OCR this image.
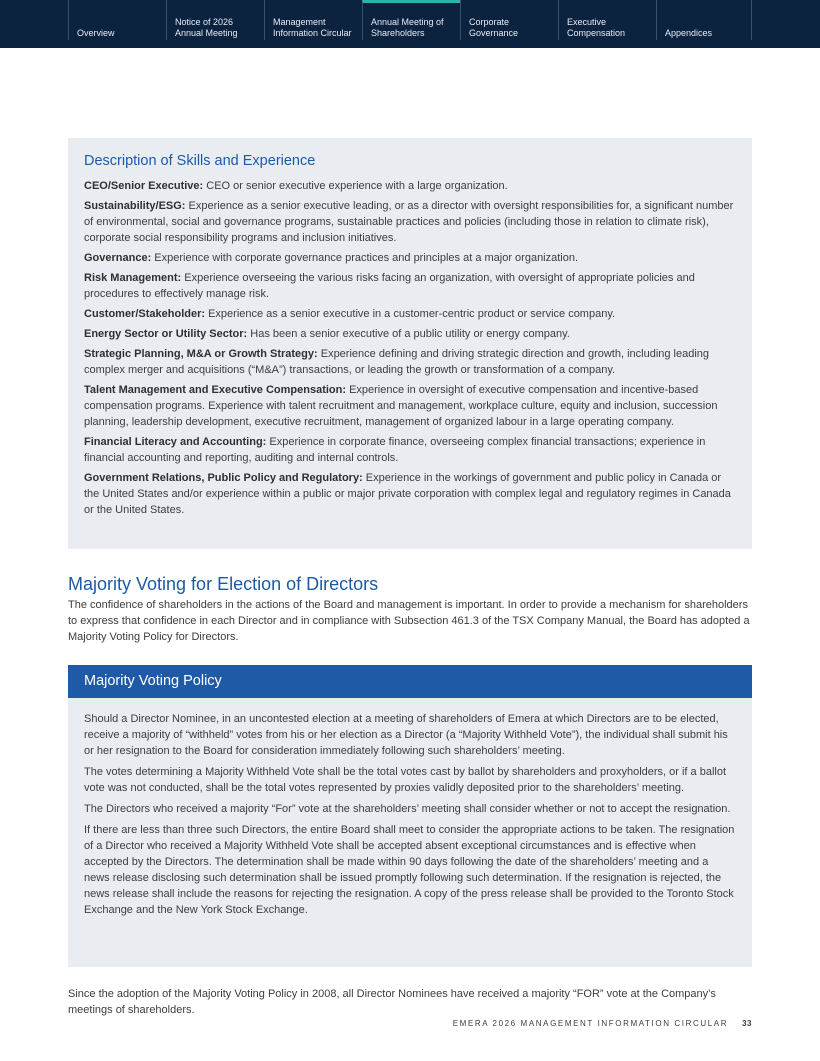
Overview
Notice of 2026
Annual Meeting
Management
Information Circular
Annual Meeting of
Shareholders
Corporate
Governance
Executive
Compensation	Appendices
Description of Skills and Experience
CEO/Senior Executive: CEO or senior executive experience with a large organization.
Sustainability/ESG: Experience as a senior executive leading, or as a director with oversight responsibilities for, a significant number of environmental, social and governance programs, sustainable practices and policies (including those in relation to climate risk), corporate social responsibility programs and inclusion initiatives.
Governance: Experience with corporate governance practices and principles at a major organization.
Risk Management: Experience overseeing the various risks facing an organization, with oversight of appropriate policies and procedures to effectively manage risk.
Customer/Stakeholder: Experience as a senior executive in a customer-centric product or service company.
Energy Sector or Utility Sector: Has been a senior executive of a public utility or energy company.
Strategic Planning, M&A or Growth Strategy: Experience defining and driving strategic direction and growth, including leading complex merger and acquisitions (“M&A”) transactions, or leading the growth or transformation of a company.
Talent Management and Executive Compensation: Experience in oversight of executive compensation and incentive-based compensation programs. Experience with talent recruitment and management, workplace culture, equity and inclusion, succession planning, leadership development, executive recruitment, management of organized labour in a large operating company.
Financial Literacy and Accounting: Experience in corporate finance, overseeing complex financial transactions; experience in financial accounting and reporting, auditing and internal controls.
Government Relations, Public Policy and Regulatory: Experience in the workings of government and public policy in Canada or the United States and/or experience within a public or major private corporation with complex legal and regulatory regimes in Canada or the United States.
Majority Voting for Election of Directors
The confidence of shareholders in the actions of the Board and management is important. In order to provide a mechanism for shareholders to express that confidence in each Director and in compliance with Subsection 461.3 of the TSX Company Manual, the Board has adopted a Majority Voting Policy for Directors.
Majority Voting Policy
Should a Director Nominee, in an uncontested election at a meeting of shareholders of Emera at which Directors are to be elected, receive a majority of “withheld” votes from his or her election as a Director (a “Majority Withheld Vote”), the individual shall submit his or her resignation to the Board for consideration immediately following such shareholders’ meeting.
The votes determining a Majority Withheld Vote shall be the total votes cast by ballot by shareholders and proxyholders, or if a ballot vote was not conducted, shall be the total votes represented by proxies validly deposited prior to the shareholders’ meeting.
The Directors who received a majority “For” vote at the shareholders’ meeting shall consider whether or not to accept the resignation.
If there are less than three such Directors, the entire Board shall meet to consider the appropriate actions to be taken. The resignation of a Director who received a Majority Withheld Vote shall be accepted absent exceptional circumstances and is effective when accepted by the Directors. The determination shall be made within 90 days following the date of the shareholders’ meeting and a news release disclosing such determination shall be issued promptly following such determination. If the resignation is rejected, the news release shall include the reasons for rejecting the resignation. A copy of the press release shall be provided to the Toronto Stock Exchange and the New York Stock Exchange.
Since the adoption of the Majority Voting Policy in 2008, all Director Nominees have received a majority “FOR” vote at the Company’s meetings of shareholders.
EMERA 2026 MANAGEMENT INFORMATION CIRCULAR 33
